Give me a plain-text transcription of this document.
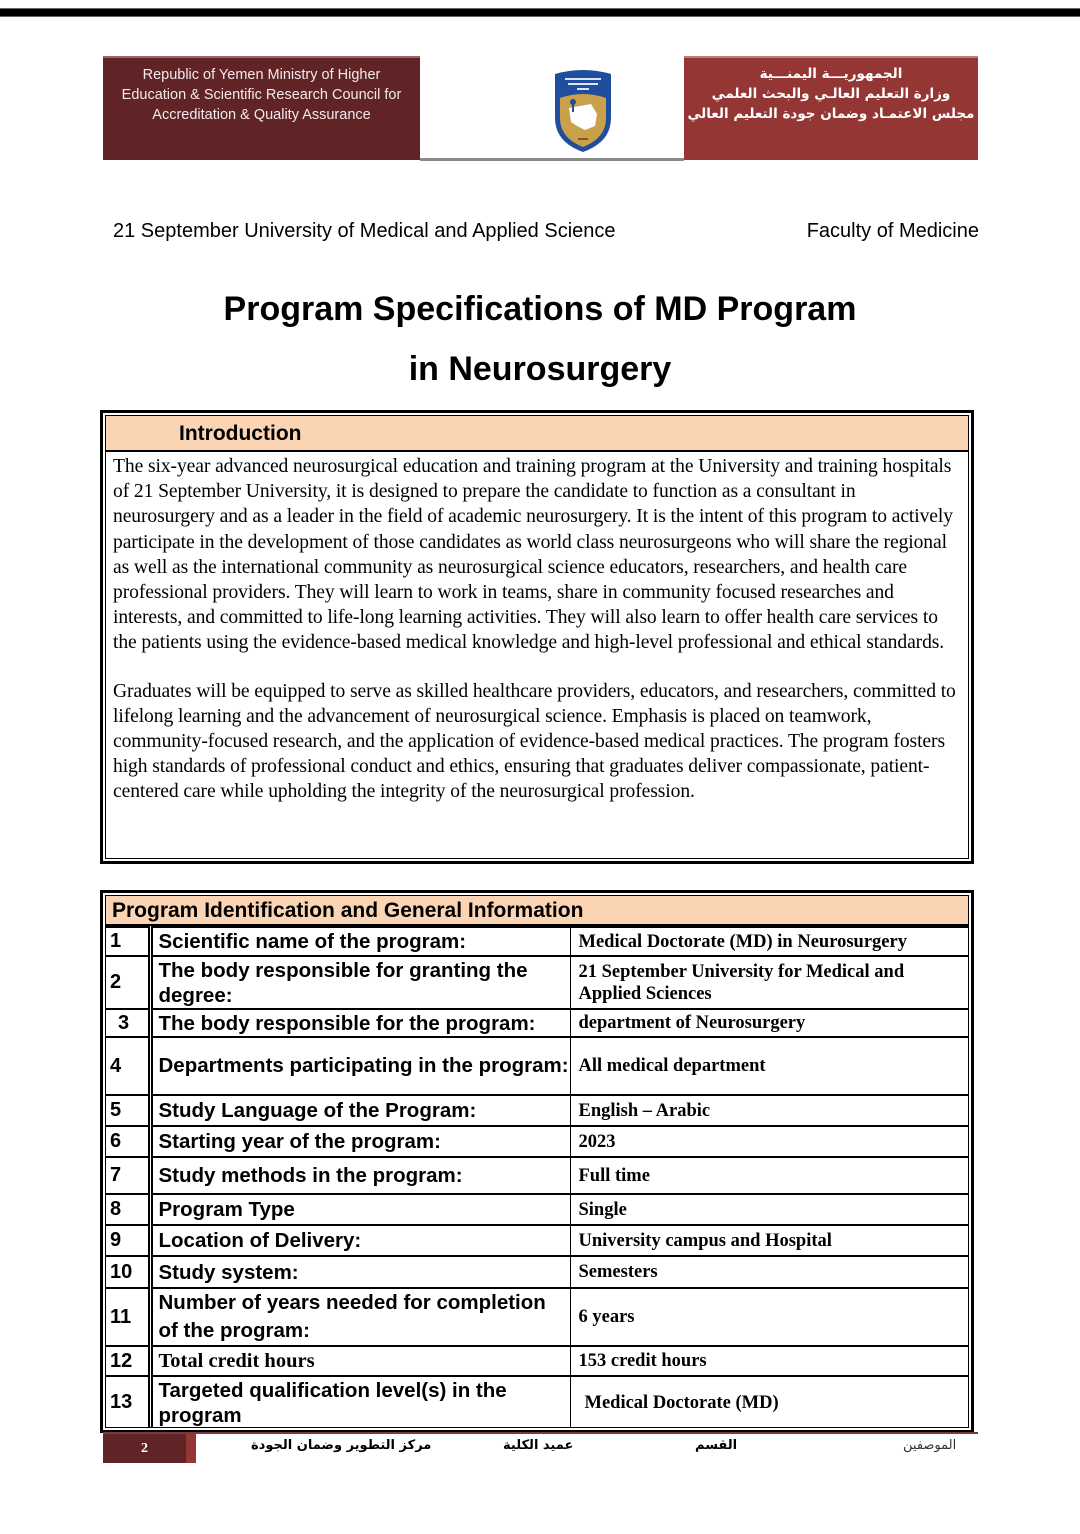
Republic of Yemen Ministry of Higher
Education & Scientific Research Council for
Accreditation & Quality Assurance
الجمهوريـــة اليمنـــية
وزارة التعليم العالـي والبحث العلمي
مجلس الاعتمـاد وضمان جودة التعليم العالي
21 September University of Medical and Applied Science	Faculty of Medicine
Program Specifications of MD Program
in Neurosurgery
Introduction

The six-year advanced neurosurgical education and training program at the University and training hospitals of 21 September University, it is designed to prepare the candidate to function as a consultant in neurosurgery and as a leader in the field of academic neurosurgery. It is the intent of this program to actively participate in the development of those candidates as world class neurosurgeons who will share the regional as well as the international community as neurosurgical science educators, researchers, and health care professional providers. They will learn to work in teams, share in community focused researches and interests, and committed to life-long learning activities. They will also learn to offer health care services to the patients using the evidence-based medical knowledge and high-level professional and ethical standards.

Graduates will be equipped to serve as skilled healthcare providers, educators, and researchers, committed to lifelong learning and the advancement of neurosurgical science. Emphasis is placed on teamwork, community-focused research, and the application of evidence-based medical practices. The program fosters high standards of professional conduct and ethics, ensuring that graduates deliver compassionate, patient-centered care while upholding the integrity of the neurosurgical profession.

Program Identification and General Information
1	Scientific name of the program:	Medical Doctorate (MD) in Neurosurgery
2	The body responsible for granting the degree:	21 September University for Medical and Applied Sciences
3	The body responsible for the program:	department of Neurosurgery
4	Departments participating in the program:	All medical department
5	Study Language of the Program:	English – Arabic
6	Starting year of the program:	2023
7	Study methods in the program:	Full time
8	Program Type	Single
9	Location of Delivery:	University campus and Hospital
10	Study system:	Semesters
11	Number of years needed for completion of the program:	6 years
12	Total credit hours	153 credit hours
13	Targeted qualification level(s) in the program	Medical Doctorate (MD)
2	مركز التطوير وضمان الجودة	عميد الكلية	القسم	الموصفين
